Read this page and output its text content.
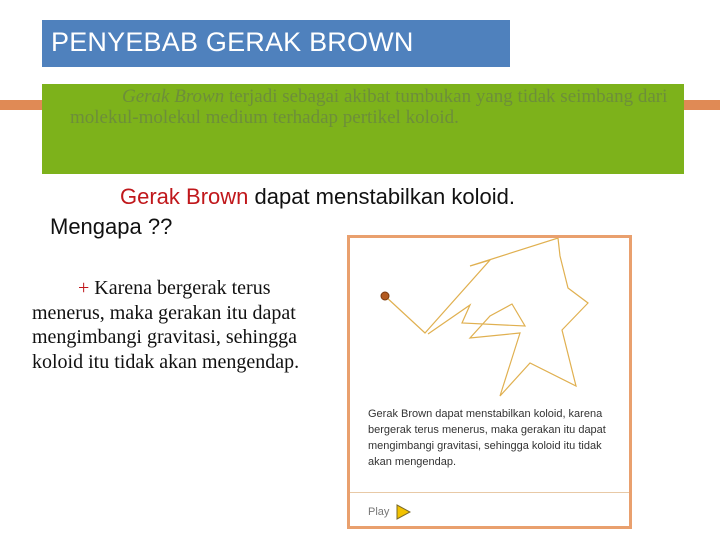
PENYEBAB GERAK BROWN
Gerak Brown terjadi sebagai akibat tumbukan yang tidak seimbang dari molekul-molekul medium terhadap pertikel koloid.
Gerak Brown dapat menstabilkan koloid.
Mengapa ??
+ Karena bergerak terus menerus, maka gerakan itu dapat mengimbangi gravitasi, sehingga koloid itu tidak akan mengendap.
Gerak Brown dapat menstabilkan koloid, karena bergerak terus menerus, maka gerakan itu dapat mengimbangi gravitasi, sehingga koloid itu tidak akan mengendap.
Play
